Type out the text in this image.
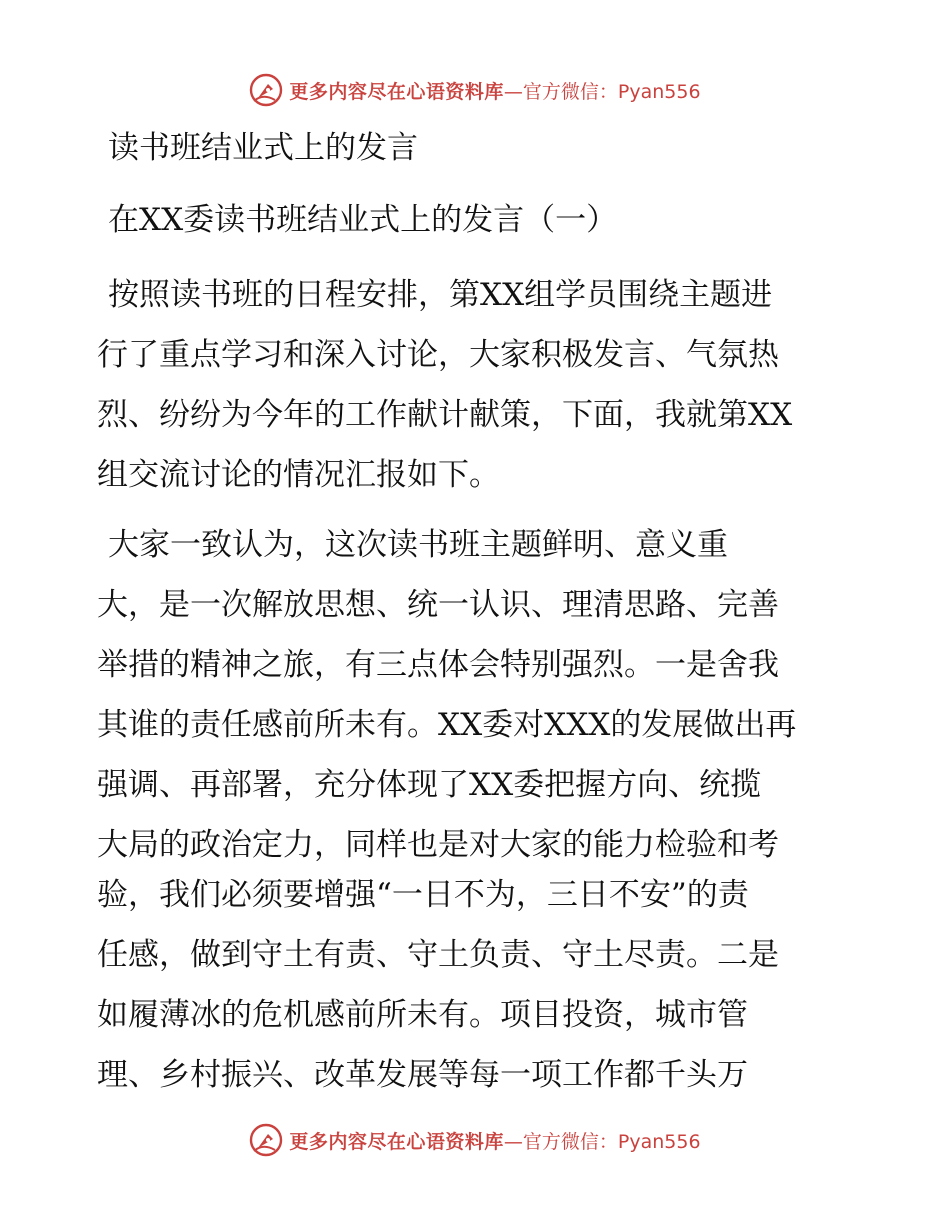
更多内容尽在心语资料库 —官方微信：Pyan556
读书班结业式上的发言
在XX委读书班结业式上的发言（一）
按照读书班的日程安排，第XX组学员围绕主题进
行了重点学习和深入讨论，大家积极发言、气氛热
烈、纷纷为今年的工作献计献策，下面，我就第XX
组交流讨论的情况汇报如下。
大家一致认为，这次读书班主题鲜明、意义重
大，是一次解放思想、统一认识、理清思路、完善
举措的精神之旅，有三点体会特别强烈。一是舍我
其谁的责任感前所未有。XX委对XXX的发展做出再
强调、再部署，充分体现了XX委把握方向、统揽
大局的政治定力，同样也是对大家的能力检验和考
验，我们必须要增强“一日不为，三日不安”的责
任感，做到守土有责、守土负责、守土尽责。二是
如履薄冰的危机感前所未有。项目投资，城市管
理、乡村振兴、改革发展等每一项工作都千头万
更多内容尽在心语资料库 —官方微信：Pyan556
